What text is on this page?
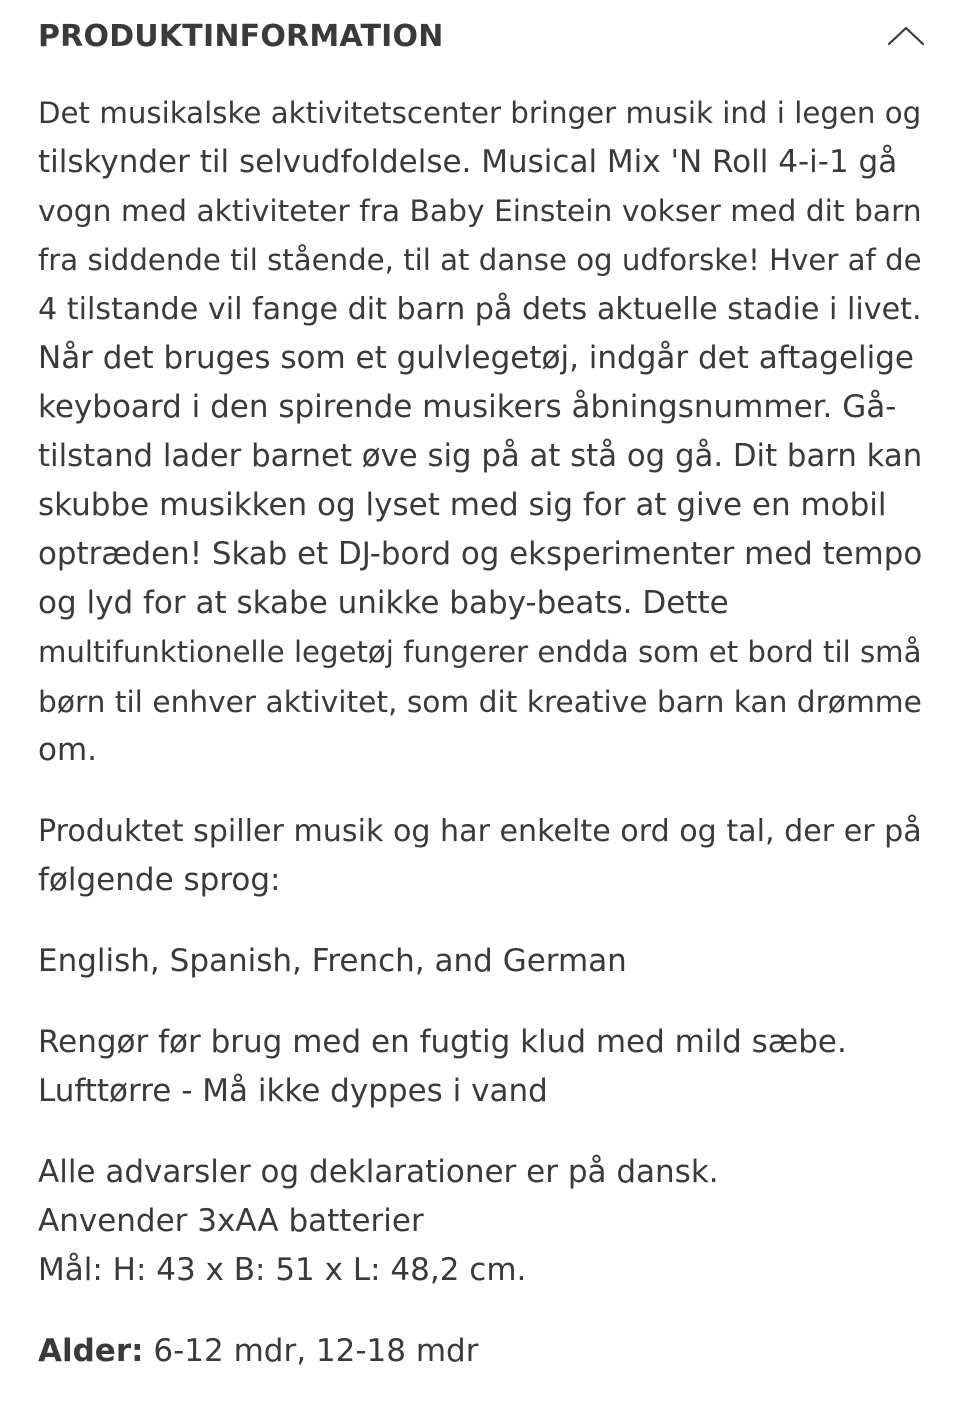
PRODUKTINFORMATION

Det musikalske aktivitetscenter bringer musik ind i legen og
tilskynder til selvudfoldelse. Musical Mix 'N Roll 4-i-1 gå
vogn med aktiviteter fra Baby Einstein vokser med dit barn
fra siddende til stående, til at danse og udforske! Hver af de
4 tilstande vil fange dit barn på dets aktuelle stadie i livet.
Når det bruges som et gulvlegetøj, indgår det aftagelige
keyboard i den spirende musikers åbningsnummer. Gå-
tilstand lader barnet øve sig på at stå og gå. Dit barn kan
skubbe musikken og lyset med sig for at give en mobil
optræden! Skab et DJ-bord og eksperimenter med tempo
og lyd for at skabe unikke baby-beats. Dette
multifunktionelle legetøj fungerer endda som et bord til små
børn til enhver aktivitet, som dit kreative barn kan drømme
om.

Produktet spiller musik og har enkelte ord og tal, der er på
følgende sprog:

English, Spanish, French, and German

Rengør før brug med en fugtig klud med mild sæbe.
Lufttørre - Må ikke dyppes i vand

Alle advarsler og deklarationer er på dansk.
Anvender 3xAA batterier
Mål: H: 43 x B: 51 x L: 48,2 cm.

Alder: 6-12 mdr, 12-18 mdr
